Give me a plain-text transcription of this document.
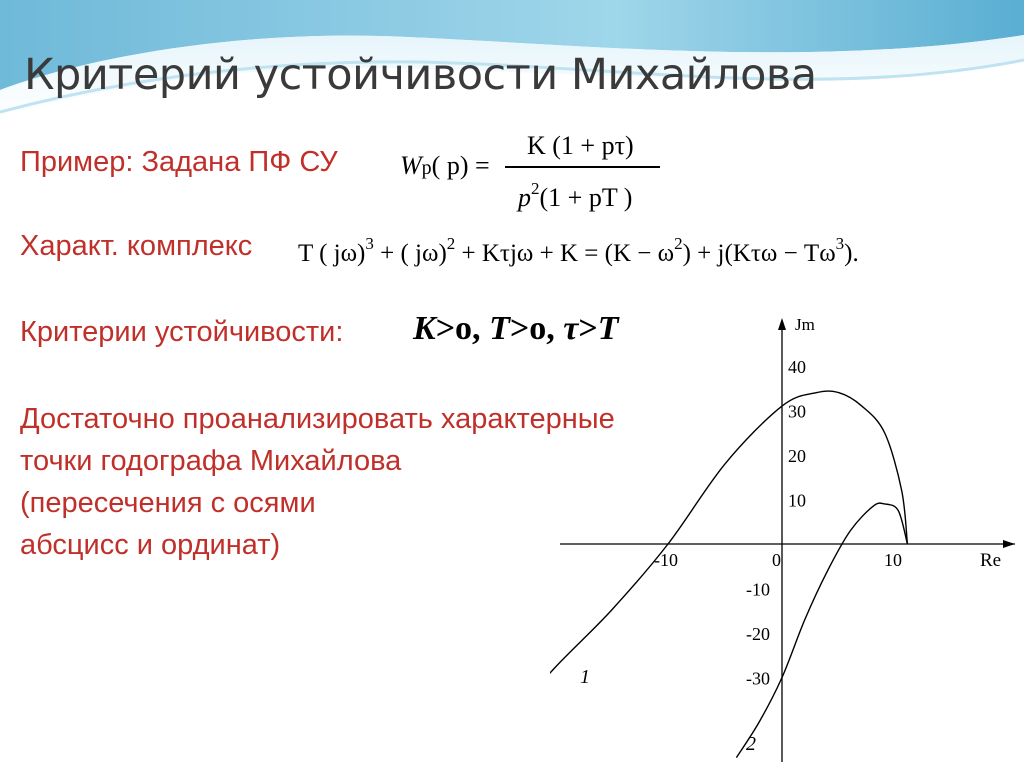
Критерий устойчивости Михайлова

Пример: Задана ПФ СУ Wp( p) =
K (1 + pτ)
$p^2(1$ + pT )

Характ. комплекс T ( jω)$^3$ + ( $j\omega)^2 + K\tau j\omega + K = (K - \omega^2) + j(K\tau\omega - T\omega^3)$.

Критерии устойчивости: K>o, T>o, τ>T
Достаточно проанализировать характерные
точки годографа Михайлова
(пересечения с осями
абсцисс и ординат)	Re
Jm
-10	0	10
40
30
20
10
-10
-20
-30
1
2
